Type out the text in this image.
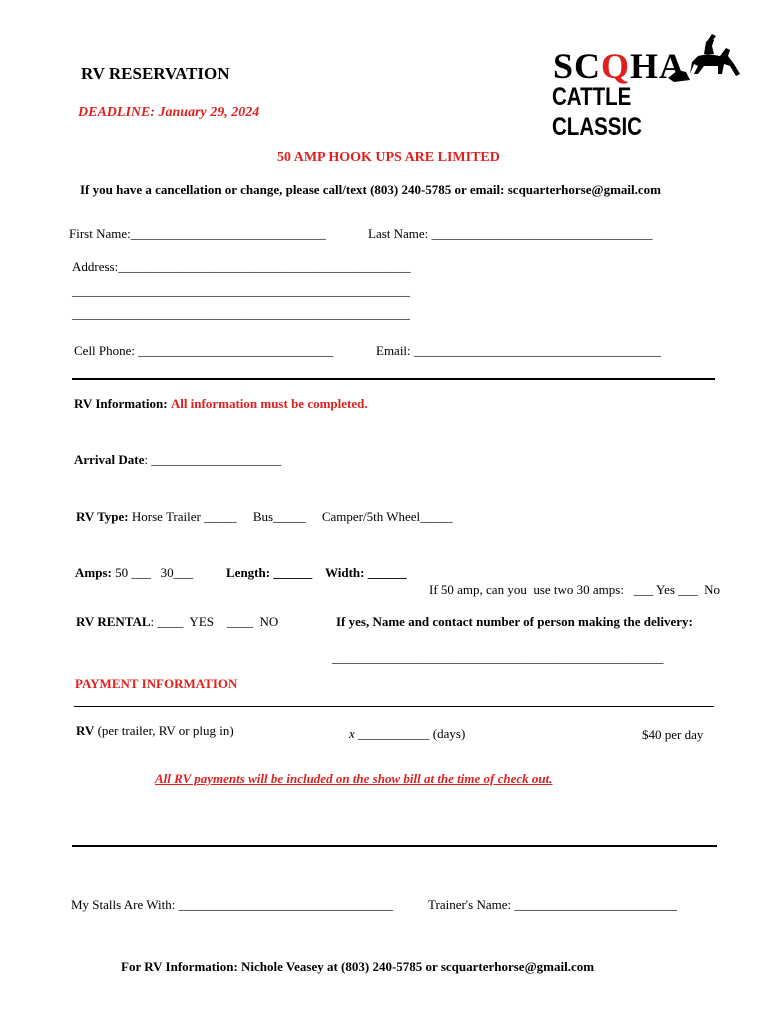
RV RESERVATION
DEADLINE: January 29, 2024
SCQHA
CATTLE CLASSIC
50 AMP HOOK UPS ARE LIMITED
If you have a cancellation or change, please call/text (803) 240-5785 or email: scquarterhorse@gmail.com
First Name:______________________________	Last Name: __________________________________
Address:_____________________________________________
____________________________________________________
____________________________________________________
Cell Phone: ______________________________	Email: ______________________________________
RV Information: All information must be completed.
Arrival Date: ____________________
RV Type: Horse Trailer _____     Bus_____     Camper/5th Wheel_____
Amps: 50 ___   30___	Length: ______ Width: ______
If 50 amp, can you  use two 30 amps:   ___ Yes ___  No
RV RENTAL: ____  YES    ____  NO	If yes, Name and contact number of person making the delivery:
___________________________________________________
PAYMENT INFORMATION
RV (per trailer, RV or plug in)	x ___________ (days)	$40 per day
All RV payments will be included on the show bill at the time of check out.
My Stalls Are With: _________________________________	Trainer's Name: _________________________
For RV Information: Nichole Veasey at (803) 240-5785 or scquarterhorse@gmail.com
